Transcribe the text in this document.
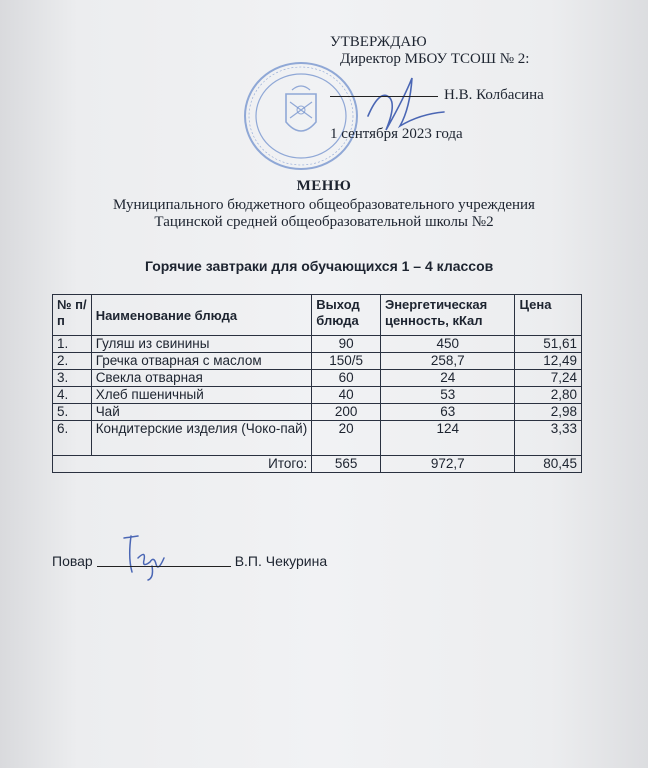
УТВЕРЖДАЮ
Директор МБОУ ТСОШ № 2:
Н.В. Колбасина
1 сентября 2023 года
МЕНЮ
Муниципального бюджетного общеобразовательного учреждения
Тацинской средней общеобразовательной школы №2
Горячие завтраки для обучающихся 1 – 4 классов
№ п/п	Наименование блюда	Выход блюда	Энергетическая ценность, кКал	Цена
1.	Гуляш из свинины	90	450	51,61
2.	Гречка отварная с маслом	150/5	258,7	12,49
3.	Свекла отварная	60	24	7,24
4.	Хлеб пшеничный	40	53	2,80
5.	Чай	200	63	2,98
6.	Кондитерские изделия (Чоко-пай)	20	124	3,33
Итого:		565	972,7	80,45
Повар	В.П. Чекурина
